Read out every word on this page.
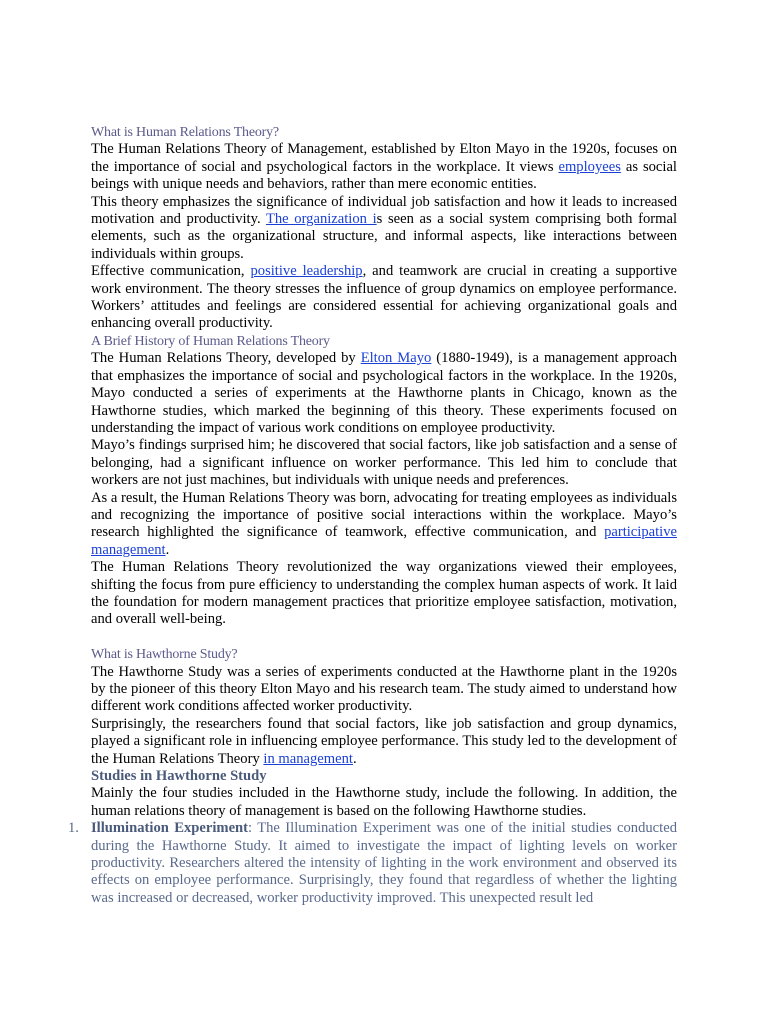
What is Human Relations Theory?

The Human Relations Theory of Management, established by Elton Mayo in the 1920s, focuses on the importance of social and psychological factors in the workplace. It views employees as social beings with unique needs and behaviors, rather than mere economic entities.

This theory emphasizes the significance of individual job satisfaction and how it leads to increased motivation and productivity. The organization is seen as a social system comprising both formal elements, such as the organizational structure, and informal aspects, like interactions between individuals within groups.

Effective communication, positive leadership, and teamwork are crucial in creating a supportive work environment. The theory stresses the influence of group dynamics on employee performance. Workers’ attitudes and feelings are considered essential for achieving organizational goals and enhancing overall productivity.

A Brief History of Human Relations Theory

The Human Relations Theory, developed by Elton Mayo (1880-1949), is a management approach that emphasizes the importance of social and psychological factors in the workplace. In the 1920s, Mayo conducted a series of experiments at the Hawthorne plants in Chicago, known as the Hawthorne studies, which marked the beginning of this theory. These experiments focused on understanding the impact of various work conditions on employee productivity.

Mayo’s findings surprised him; he discovered that social factors, like job satisfaction and a sense of belonging, had a significant influence on worker performance. This led him to conclude that workers are not just machines, but individuals with unique needs and preferences.

As a result, the Human Relations Theory was born, advocating for treating employees as individuals and recognizing the importance of positive social interactions within the workplace. Mayo’s research highlighted the significance of teamwork, effective communication, and participative management.

The Human Relations Theory revolutionized the way organizations viewed their employees, shifting the focus from pure efficiency to understanding the complex human aspects of work. It laid the foundation for modern management practices that prioritize employee satisfaction, motivation, and overall well-being.

What is Hawthorne Study?

The Hawthorne Study was a series of experiments conducted at the Hawthorne plant in the 1920s by the pioneer of this theory Elton Mayo and his research team. The study aimed to understand how different work conditions affected worker productivity.

Surprisingly, the researchers found that social factors, like job satisfaction and group dynamics, played a significant role in influencing employee performance. This study led to the development of the Human Relations Theory in management.

Studies in Hawthorne Study

Mainly the four studies included in the Hawthorne study, include the following. In addition, the human relations theory of management is based on the following Hawthorne studies.

1. Illumination Experiment: The Illumination Experiment was one of the initial studies conducted during the Hawthorne Study. It aimed to investigate the impact of lighting levels on worker productivity. Researchers altered the intensity of lighting in the work environment and observed its effects on employee performance. Surprisingly, they found that regardless of whether the lighting was increased or decreased, worker productivity improved. This unexpected result led
